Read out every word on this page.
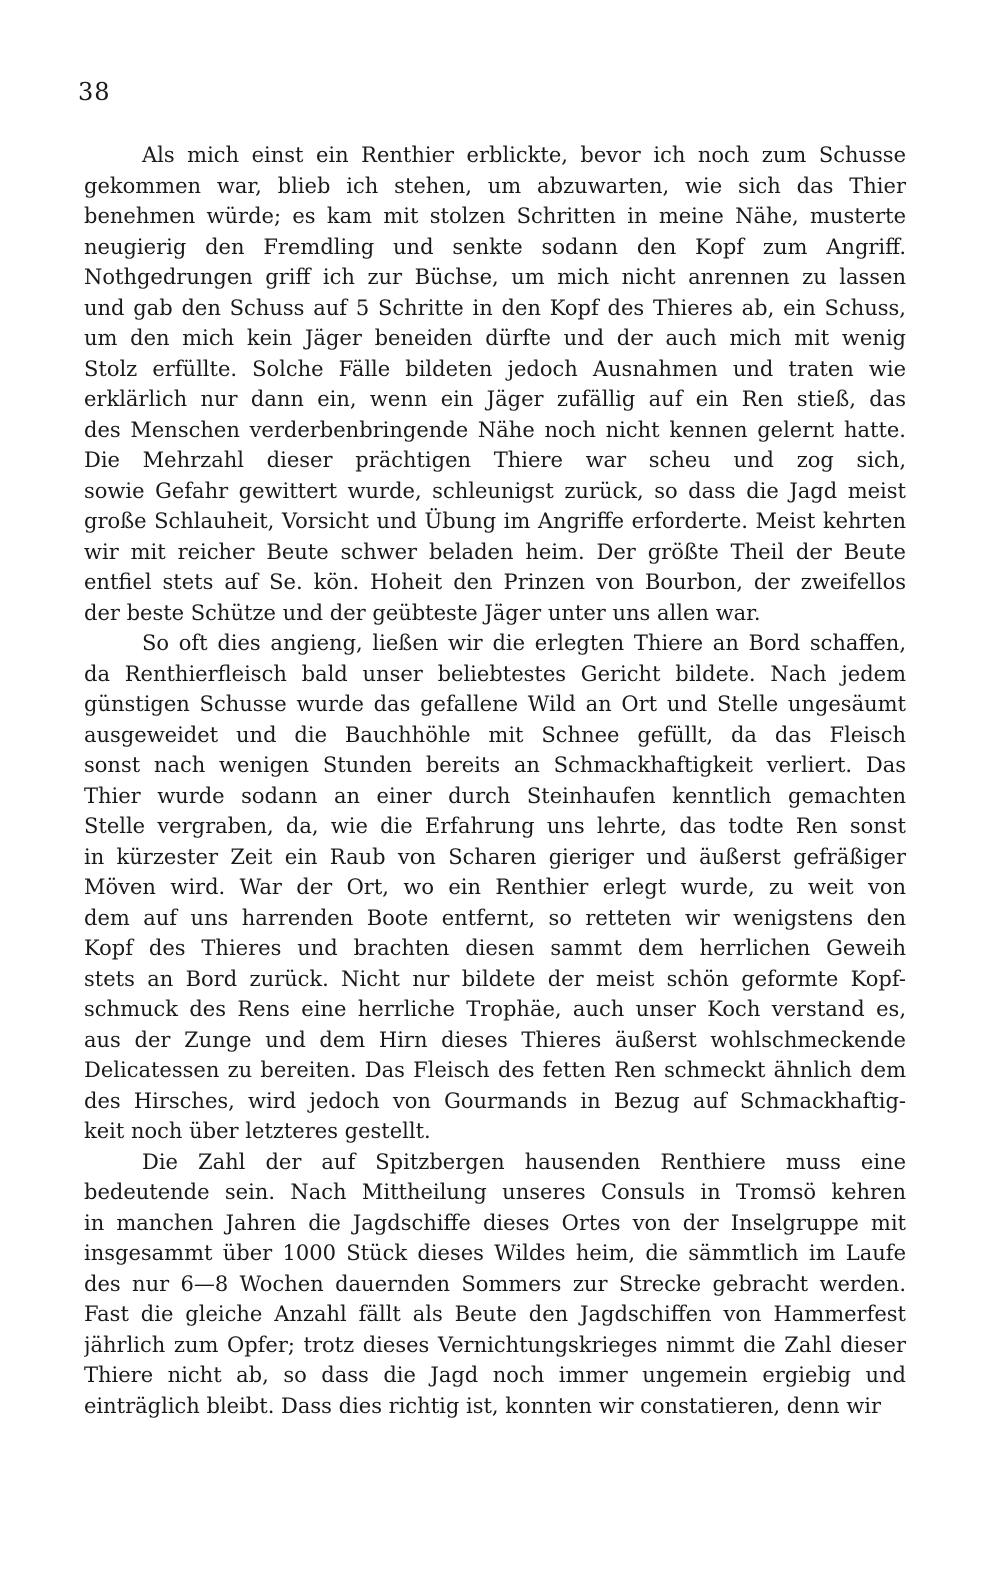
38
Als mich einst ein Renthier erblickte, bevor ich noch zum Schusse
gekommen war, blieb ich stehen, um abzuwarten, wie sich das Thier
benehmen würde; es kam mit stolzen Schritten in meine Nähe, musterte
neugierig den Fremdling und senkte sodann den Kopf zum Angriff.
Nothgedrungen griff ich zur Büchse, um mich nicht anrennen zu lassen
und gab den Schuss auf 5 Schritte in den Kopf des Thieres ab, ein Schuss,
um den mich kein Jäger beneiden dürfte und der auch mich mit wenig
Stolz erfüllte. Solche Fälle bildeten jedoch Ausnahmen und traten wie
erklärlich nur dann ein, wenn ein Jäger zufällig auf ein Ren stieß, das
des Menschen verderbenbringende Nähe noch nicht kennen gelernt hatte.
Die Mehrzahl dieser prächtigen Thiere war scheu und zog sich,
sowie Gefahr gewittert wurde, schleunigst zurück, so dass die Jagd meist
große Schlauheit, Vorsicht und Übung im Angriffe erforderte. Meist kehrten
wir mit reicher Beute schwer beladen heim. Der größte Theil der Beute
entfiel stets auf Se. kön. Hoheit den Prinzen von Bourbon, der zweifellos
der beste Schütze und der geübteste Jäger unter uns allen war.
So oft dies angieng, ließen wir die erlegten Thiere an Bord schaffen,
da Renthierfleisch bald unser beliebtestes Gericht bildete. Nach jedem
günstigen Schusse wurde das gefallene Wild an Ort und Stelle ungesäumt
ausgeweidet und die Bauchhöhle mit Schnee gefüllt, da das Fleisch
sonst nach wenigen Stunden bereits an Schmackhaftigkeit verliert. Das
Thier wurde sodann an einer durch Steinhaufen kenntlich gemachten
Stelle vergraben, da, wie die Erfahrung uns lehrte, das todte Ren sonst
in kürzester Zeit ein Raub von Scharen gieriger und äußerst gefräßiger
Möven wird. War der Ort, wo ein Renthier erlegt wurde, zu weit von
dem auf uns harrenden Boote entfernt, so retteten wir wenigstens den
Kopf des Thieres und brachten diesen sammt dem herrlichen Geweih
stets an Bord zurück. Nicht nur bildete der meist schön geformte Kopf-
schmuck des Rens eine herrliche Trophäe, auch unser Koch verstand es,
aus der Zunge und dem Hirn dieses Thieres äußerst wohlschmeckende
Delicatessen zu bereiten. Das Fleisch des fetten Ren schmeckt ähnlich dem
des Hirsches, wird jedoch von Gourmands in Bezug auf Schmackhaftig-
keit noch über letzteres gestellt.
Die Zahl der auf Spitzbergen hausenden Renthiere muss eine
bedeutende sein. Nach Mittheilung unseres Consuls in Tromsö kehren
in manchen Jahren die Jagdschiffe dieses Ortes von der Inselgruppe mit
insgesammt über 1000 Stück dieses Wildes heim, die sämmtlich im Laufe
des nur 6—8 Wochen dauernden Sommers zur Strecke gebracht werden.
Fast die gleiche Anzahl fällt als Beute den Jagdschiffen von Hammerfest
jährlich zum Opfer; trotz dieses Vernichtungskrieges nimmt die Zahl dieser
Thiere nicht ab, so dass die Jagd noch immer ungemein ergiebig und
einträglich bleibt. Dass dies richtig ist, konnten wir constatieren, denn wir
